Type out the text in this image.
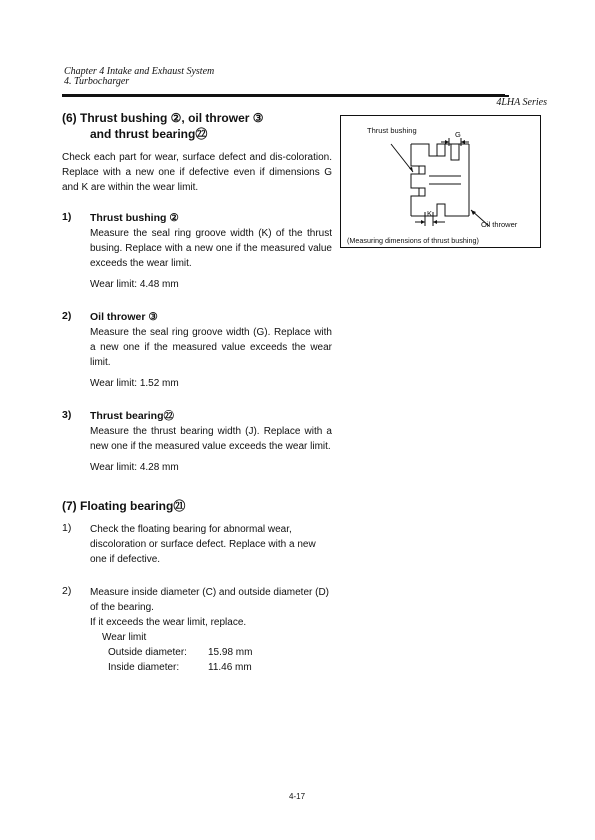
Chapter 4 Intake and Exhaust System
4. Turbocharger
4LHA Series

(6) Thrust bushing ②, oil thrower ③
and thrust bearing㉒

Check each part for wear, surface defect and dis-coloration. Replace with a new one if defective even if dimensions G and K are within the wear limit.

1) Thrust bushing ②
Measure the seal ring groove width (K) of the thrust busing. Replace with a new one if the measured value exceeds the wear limit.
Wear limit: 4.48 mm
2) Oil thrower ③
Measure the seal ring groove width (G). Replace with a new one if the measured value exceeds the wear limit.
Wear limit: 1.52 mm
3) Thrust bearing㉒
Measure the thrust bearing width (J). Replace with a new one if the measured value exceeds the wear limit.
Wear limit: 4.28 mm

(7) Floating bearing㉑

1) Check the floating bearing for abnormal wear, discoloration or surface defect. Replace with a new one if defective.
2) Measure inside diameter (C) and outside diameter (D) of the bearing.
If it exceeds the wear limit, replace.
Wear limit
Outside diameter: 15.98 mm
Inside diameter:	11.46 mm
Thrust bushing	G
K
Oil thrower
(Measuring dimensions of thrust bushing)
4-17
